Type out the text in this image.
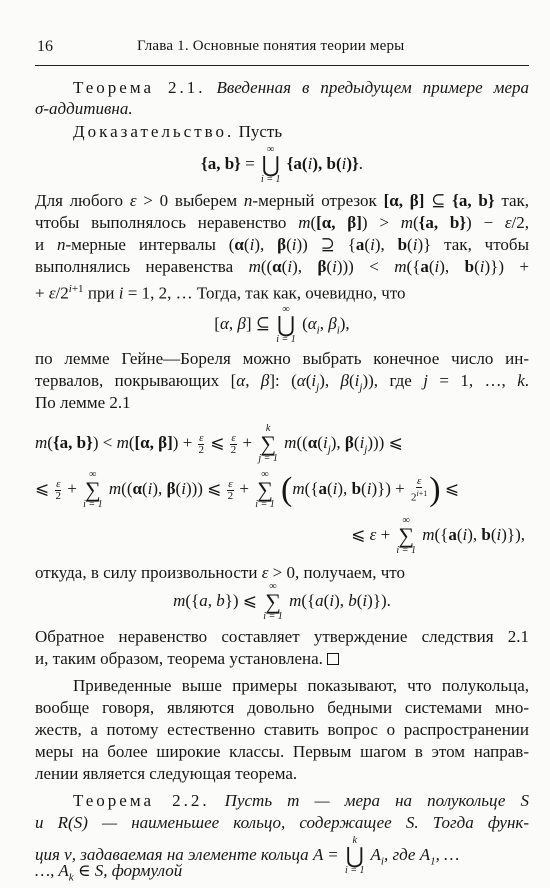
16	Глава 1. Основные понятия теории меры
Теорема 2.1. Введенная в предыдущем примере мера
σ-аддитивна.
Доказательство. Пусть
{a, b} =
∞
⋃
i = 1
{a(i), b(i)}.
Для любого ε > 0 выберем n-мерный отрезок [α, β] ⊆ {a, b} так,
чтобы выполнялось неравенство m([α, β]) > m({a, b}) − ε/2,
и n-мерные интервалы (α(i), β(i)) ⊇ {a(i), b(i)} так, чтобы
выполнялись неравенства m((α(i), β(i))) < m({a(i), b(i)}) +
+ $\varepsilon/2^{i+1}$ при i = 1, 2, … Тогда, так как, очевидно, что
[α, β] ⊆
∞
⋃
i = 1
($\alpha_i$, $\beta_i$),
по лемме Гейне—Бореля можно выбрать конечное число ин-
тервалов, покрывающих [α, β]: ($\alpha(i_j)$, $\beta(i_j)$), где j = 1, …, k.
По лемме 2.1
m({a, b}) < m([α, $\beta]) + \frac{\varepsilon}{2}$ ⩽ $\frac{\varepsilon}{2}$ +
k
∑
j = 1
$m((\alpha(i_j)$, $\beta(i_j)$)) ⩽
⩽ $\frac{\varepsilon}{2}$ +
∞
∑
i = 1
m((α(i), β(i))) ⩽ $\frac{\varepsilon}{2}$ +
∞
∑
i = 1 (m({a(i), $b(i)\}) + \frac{\varepsilon}{2^{i+1}}$ ) ⩽
⩽ ε +
∞
∑
i = 1
m({a(i), b(i)}),
откуда, в силу произвольности ε > 0, получаем, что
m({a, b}) ⩽
∞
∑
i = 1
m({a(i), b(i)}).
Обратное неравенство составляет утверждение следствия 2.1
и, таким образом, теорема установлена.
Приведенные выше примеры показывают, что полукольца,
вообще говоря, являются довольно бедными системами мно-
жеств, а потому естественно ставить вопрос о распространении
меры на более широкие классы. Первым шагом в этом направ-
лении является следующая теорема.
Теорема 2.2. Пусть m — мера на полукольце S
и R(S) — наименьшее кольцо, содержащее S. Тогда функ-
ция ν, задаваемая на элементе кольца A =
k
⋃
i = 1
$A_i$, где $A_1$, …
…, $A_k$ ∈ S, формулой
